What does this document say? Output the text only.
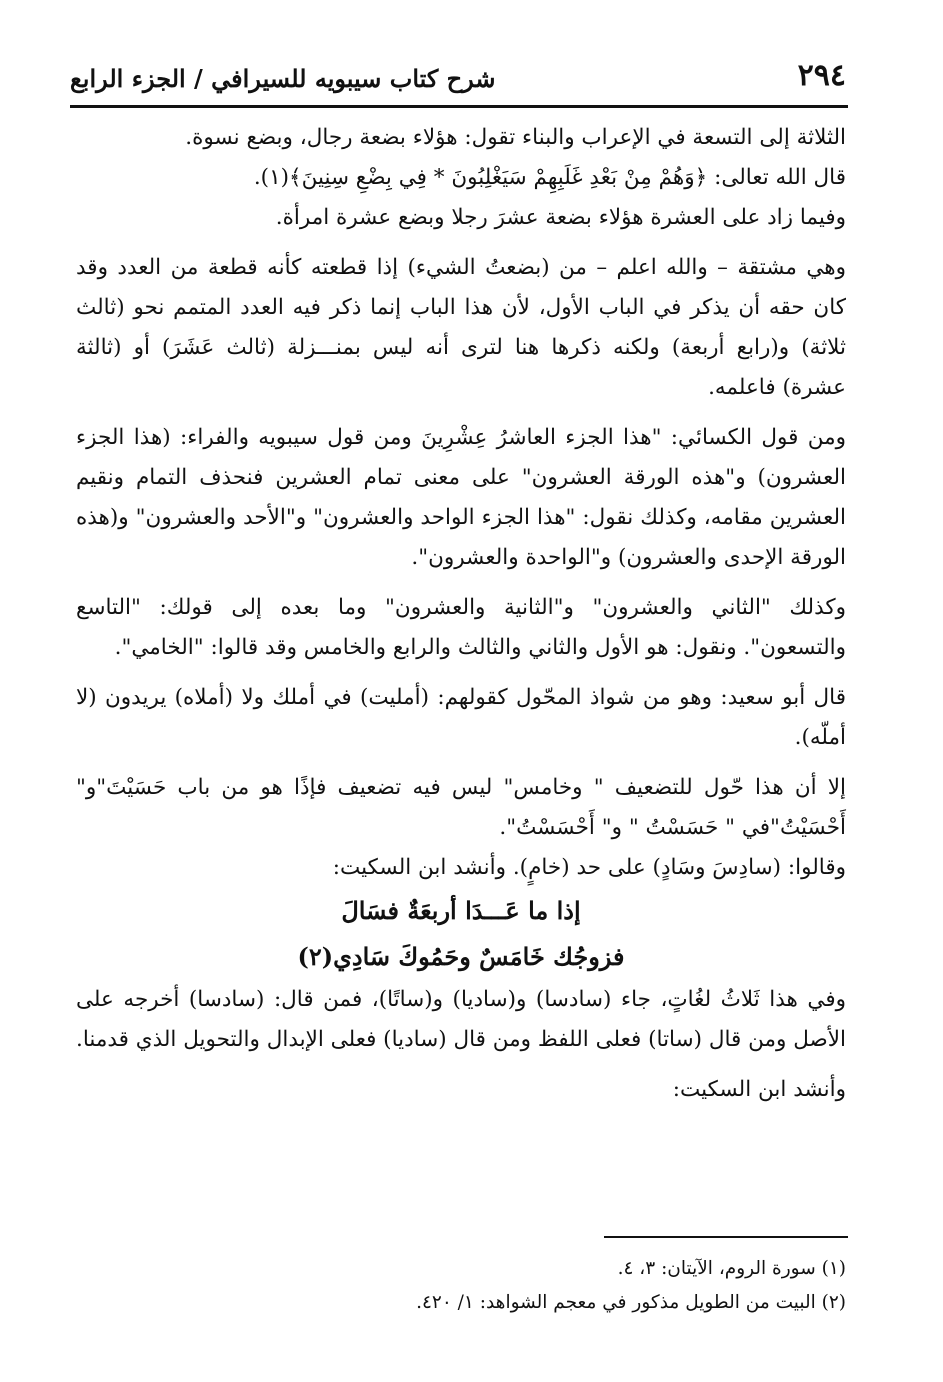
٢٩٤
شرح كتاب سيبويه للسيرافي / الجزء الرابع

الثلاثة إلى التسعة في الإعراب والبناء تقول: هؤلاء بضعة رجال، وبضع نسوة.

قال الله تعالى: ﴿وَهُمْ مِنْ بَعْدِ غَلَبِهِمْ سَيَغْلِبُونَ * فِي بِضْعِ سِنِينَ﴾(١).

وفيما زاد على العشرة هؤلاء بضعة عشرَ رجلا وبضع عشرة امرأة.

وهي مشتقة – والله اعلم – من (بضعتُ الشيء) إذا قطعته كأنه قطعة من العدد وقد كان حقه أن يذكر في الباب الأول، لأن هذا الباب إنما ذكر فيه العدد المتمم نحو (ثالث ثلاثة) و(رابع أربعة) ولكنه ذكرها هنا لترى أنه ليس بمنـــزلة (ثالث عَشَرَ) أو (ثالثة عشرة) فاعلمه.

ومن قول الكسائي: "هذا الجزء العاشرُ عِشْرِينَ ومن قول سيبويه والفراء: (هذا الجزء العشرون) و"هذه الورقة العشرون" على معنى تمام العشرين فنحذف التمام ونقيم العشرين مقامه، وكذلك نقول: "هذا الجزء الواحد والعشرون" و"الأحد والعشرون" و(هذه الورقة الإحدى والعشرون) و"الواحدة والعشرون".

وكذلك "الثاني والعشرون" و"الثانية والعشرون" وما بعده إلى قولك: "التاسع والتسعون". ونقول: هو الأول والثاني والثالث والرابع والخامس وقد قالوا: "الخامي".

قال أبو سعيد: وهو من شواذ المحّول كقولهم: (أمليت) في أملك ولا (أملاه) يريدون (لا أملّه).

إلا أن هذا حّول للتضعيف " وخامس" ليس فيه تضعيف فإذًا هو من باب حَسَيْتَ"و" أَحْسَيْتُ"في " حَسَسْتُ " و" أَحْسَسْتُ".

وقالوا: (سادِسَ وسَادٍ) على حد (خامٍ). وأنشد ابن السكيت:

إذا ما عَـــدَا أربعَةٌ فسَالَ

فزوجُك خَامَسٌ وحَمُوكَ سَادِي(٢)

وفي هذا ثَلاثُ لغُاتٍ، جاء (سادسا) و(ساديا) و(ساتًا)، فمن قال: (سادسا) أخرجه على الأصل ومن قال (ساتا) فعلى اللفظ ومن قال (ساديا) فعلى الإبدال والتحويل الذي قدمنا.

وأنشد ابن السكيت:

(١) سورة الروم، الآيتان: ٣، ٤.

(٢) البيت من الطويل مذكور في معجم الشواهد: ١/ ٤٢٠.
